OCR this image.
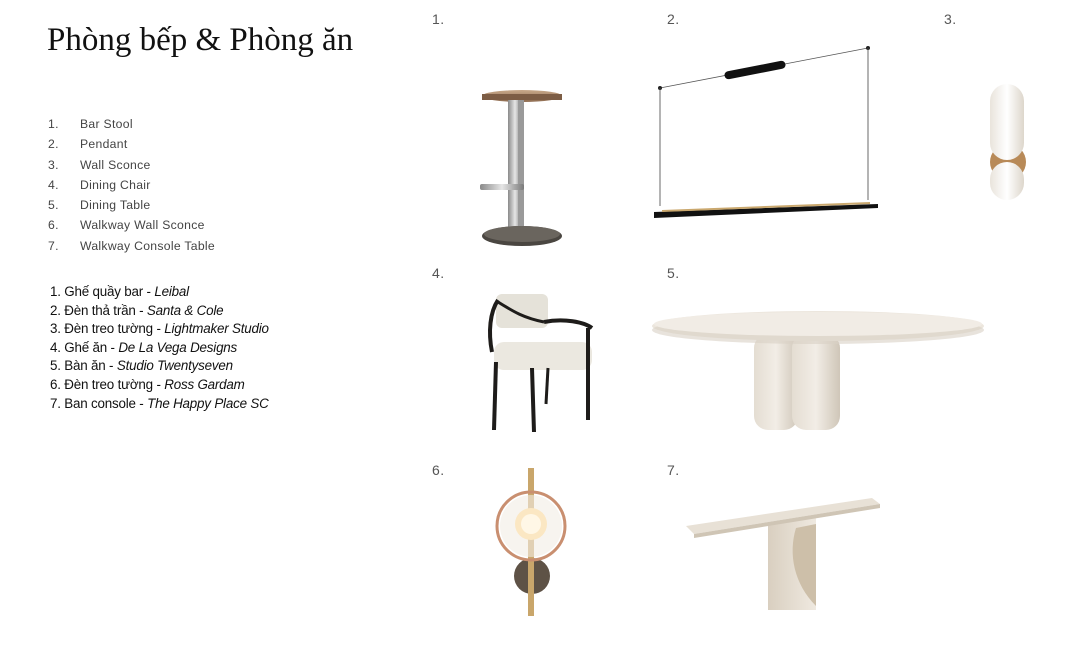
Phòng bếp & Phòng ăn
1. Bar Stool
2. Pendant
3. Wall Sconce
4. Dining Chair
5. Dining Table
6. Walkway Wall Sconce
7. Walkway Console Table
1. Ghế quầy bar - Leibal
2. Đèn thả trần - Santa & Cole
3. Đèn treo tường - Lightmaker Studio
4. Ghế ăn - De La Vega Designs
5. Bàn ăn - Studio Twentyseven
6. Đèn treo tường - Ross Gardam
7. Ban console - The Happy Place SC
1.	2.	3.
4.	5.
6.	7.
